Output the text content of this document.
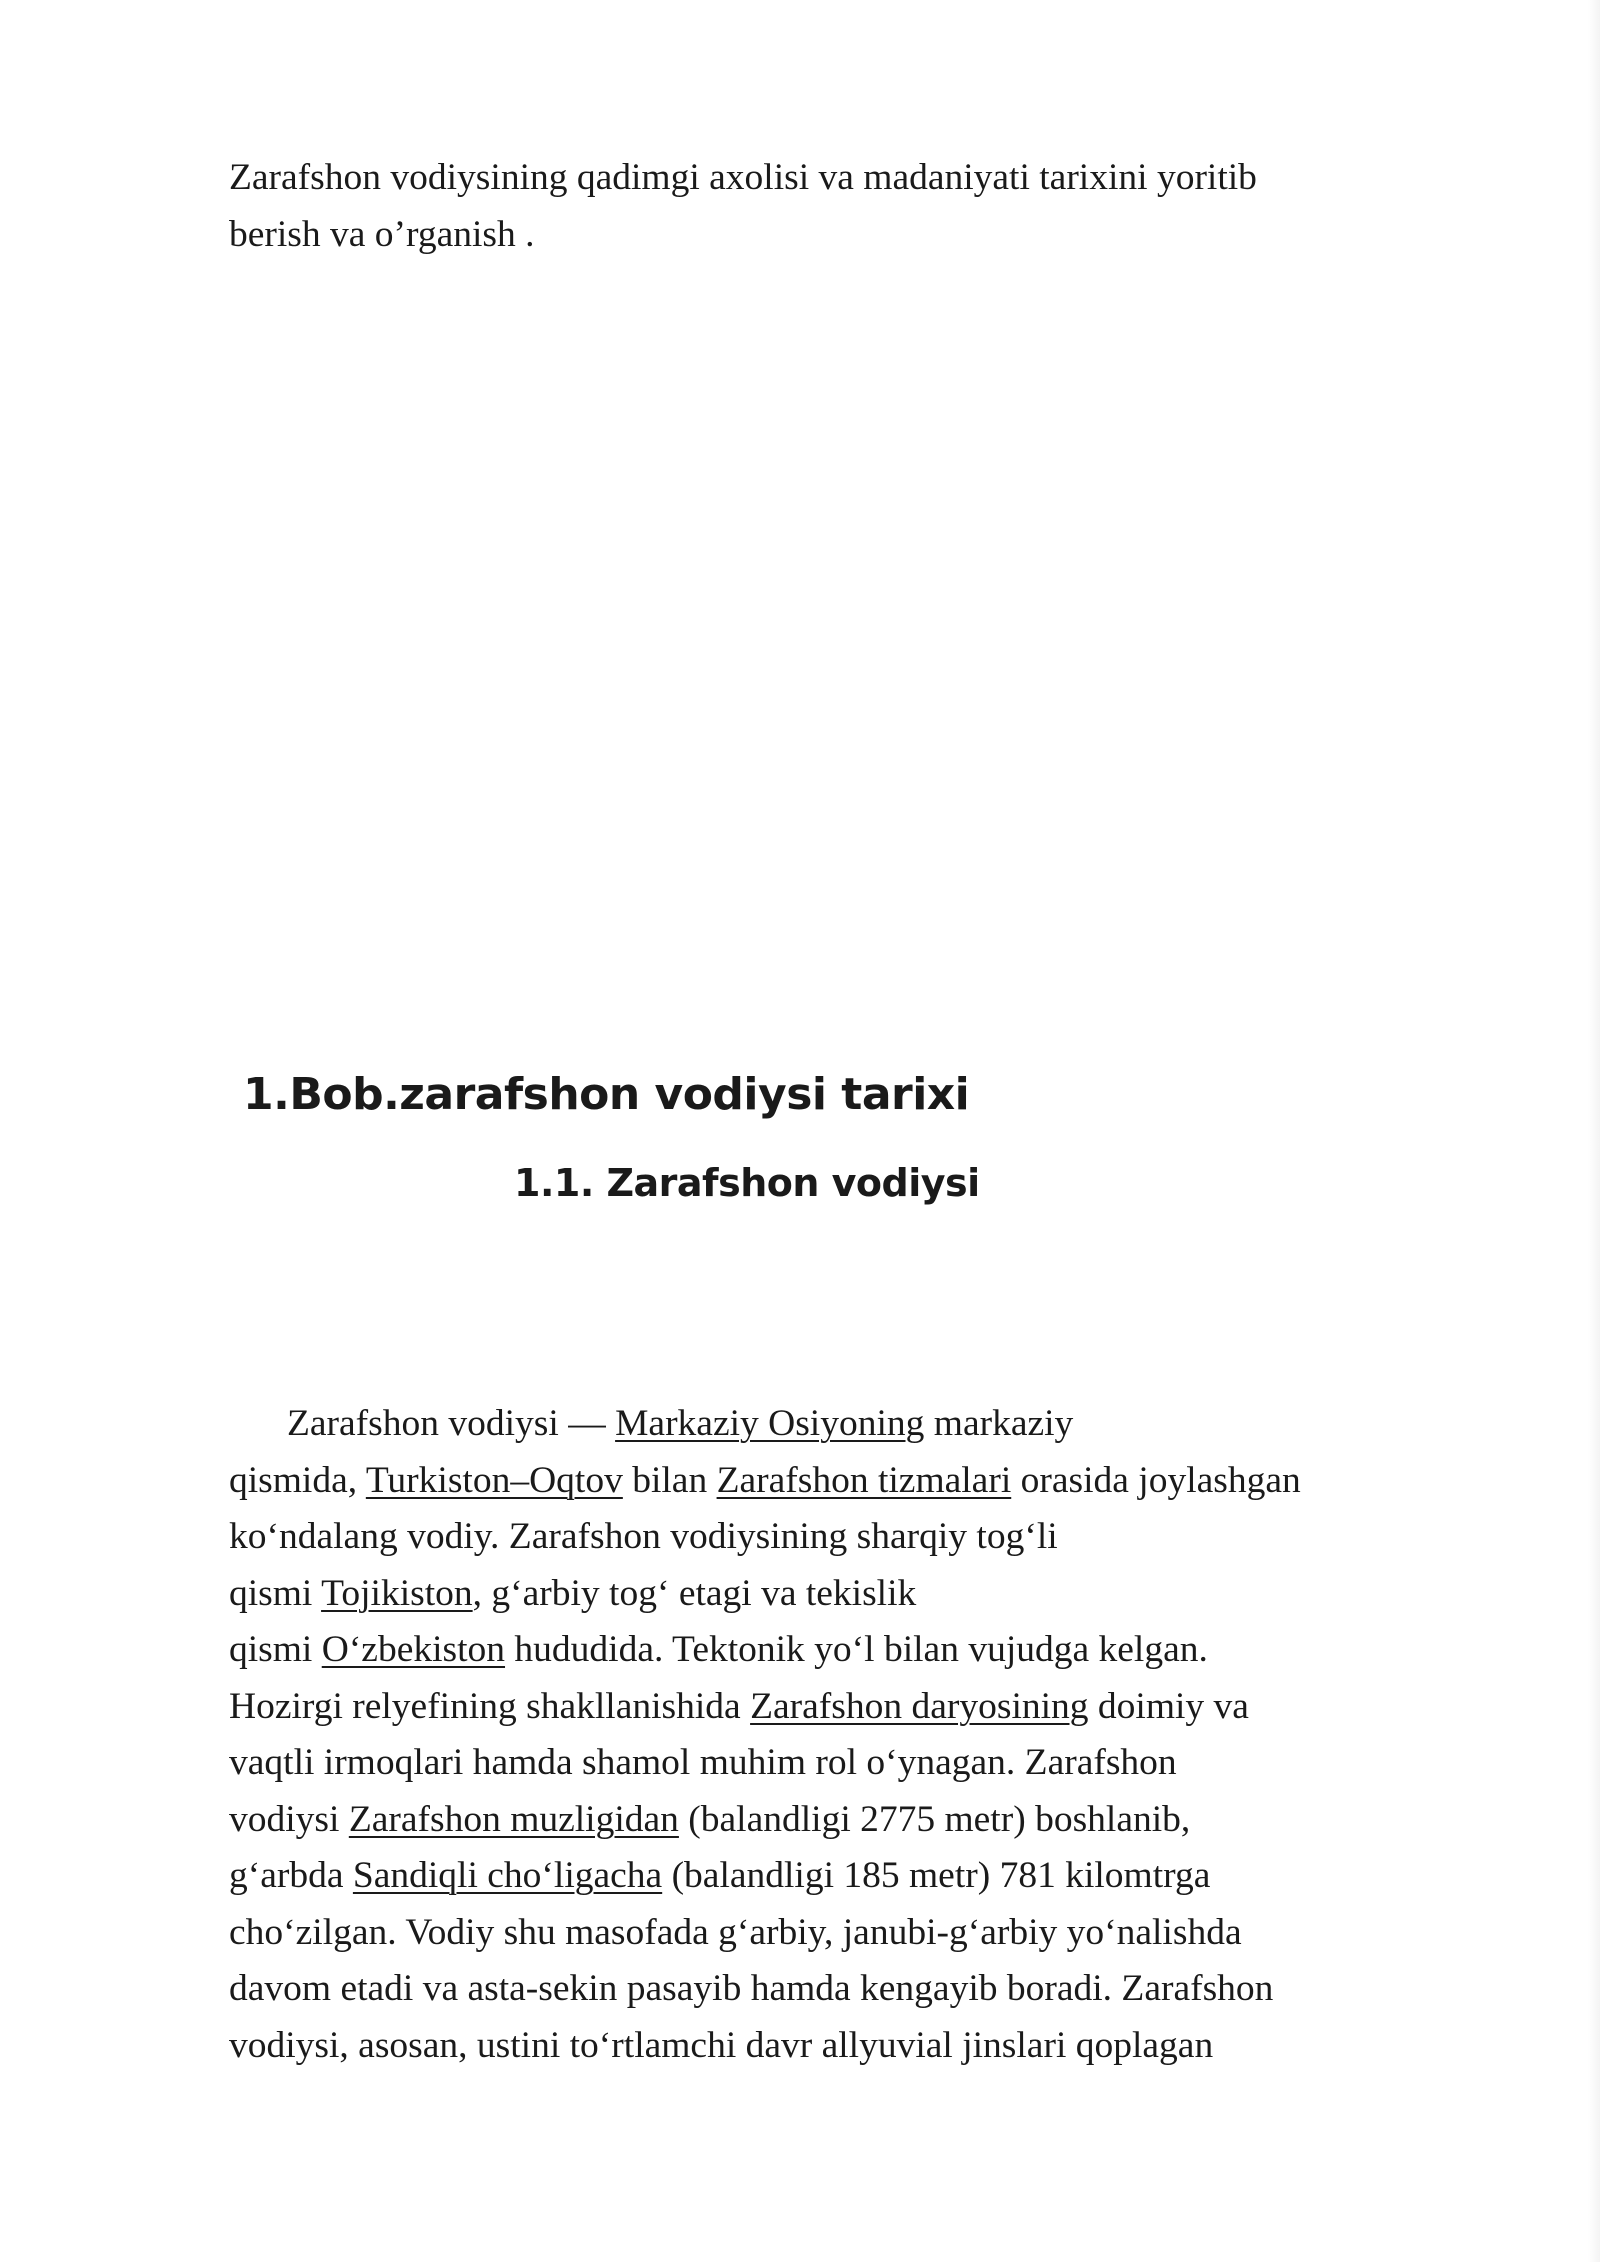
Zarafshon vodiysining qadimgi axolisi va madaniyati tarixini yoritib
berish va o’rganish .

1.Bob.zarafshon vodiysi tarixi
1.1. Zarafshon vodiysi

Zarafshon vodiysi — Markaziy Osiyoning markaziy
qismida, Turkiston–Oqtov bilan Zarafshon tizmalari orasida joylashgan
ko‘ndalang vodiy. Zarafshon vodiysining sharqiy tog‘li
qismi Tojikiston, g‘arbiy tog‘ etagi va tekislik
qismi O‘zbekiston hududida. Tektonik yo‘l bilan vujudga kelgan.
Hozirgi relyefining shakllanishida Zarafshon daryosining doimiy va
vaqtli irmoqlari hamda shamol muhim rol o‘ynagan. Zarafshon
vodiysi Zarafshon muzligidan (balandligi 2775 metr) boshlanib,
g‘arbda Sandiqli cho‘ligacha (balandligi 185 metr) 781 kilomtrga
cho‘zilgan. Vodiy shu masofada g‘arbiy, janubi-g‘arbiy yo‘nalishda
davom etadi va asta-sekin pasayib hamda kengayib boradi. Zarafshon
vodiysi, asosan, ustini to‘rtlamchi davr allyuvial jinslari qoplagan
